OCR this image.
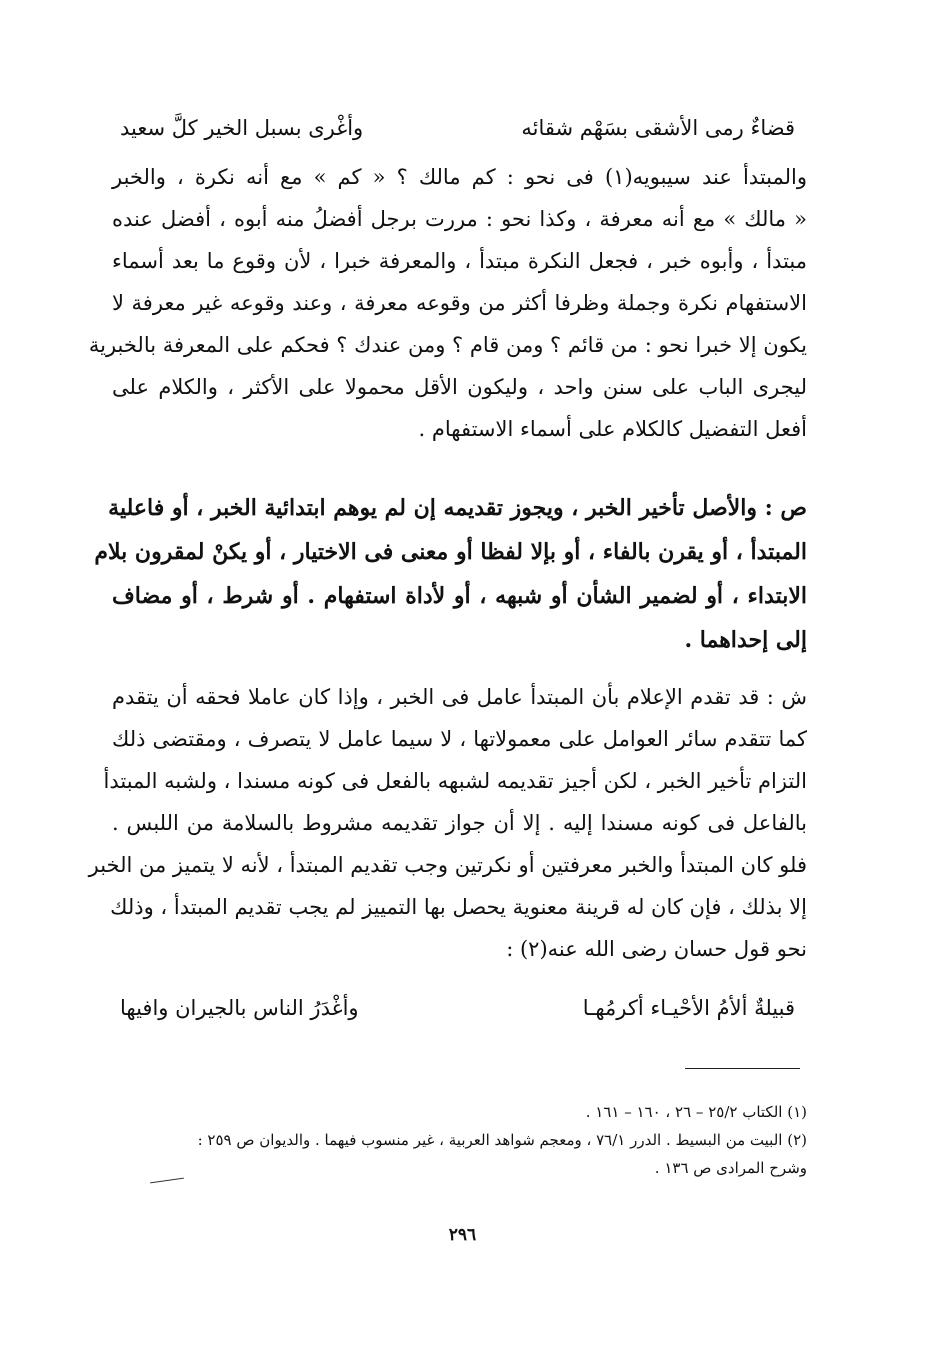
قضاءٌ رمى الأشقى بسَهْم شقائه
وأغْرى بسبل الخير كلَّ سعيد
والمبتدأ عند سيبويه(١) فى نحو : كم مالك ؟ « كم » مع أنه نكرة ، والخبر
« مالك » مع أنه معرفة ، وكذا نحو : مررت برجل أفضلُ منه أبوه ، أفضل عنده
مبتدأ ، وأبوه خبر ، فجعل النكرة مبتدأ ، والمعرفة خبرا ، لأن وقوع ما بعد أسماء
الاستفهام نكرة وجملة وظرفا أكثر من وقوعه معرفة ، وعند وقوعه غير معرفة لا
يكون إلا خبرا نحو : من قائم ؟ ومن قام ؟ ومن عندك ؟ فحكم على المعرفة بالخبرية
ليجرى الباب على سنن واحد ، وليكون الأقل محمولا على الأكثر ، والكلام على
أفعل التفضيل كالكلام على أسماء الاستفهام .
ص : والأصل تأخير الخبر ، ويجوز تقديمه إن لم يوهم ابتدائية الخبر ، أو فاعلية
المبتدأ ، أو يقرن بالفاء ، أو بإلا لفظا أو معنى فى الاختيار ، أو يكنْ لمقرون بلام
الابتداء ، أو لضمير الشأن أو شبهه ، أو لأداة استفهام . أو شرط ، أو مضاف
إلى إحداهما .
ش : قد تقدم الإعلام بأن المبتدأ عامل فى الخبر ، وإذا كان عاملا فحقه أن يتقدم
كما تتقدم سائر العوامل على معمولاتها ، لا سيما عامل لا يتصرف ، ومقتضى ذلك
التزام تأخير الخبر ، لكن أجيز تقديمه لشبهه بالفعل فى كونه مسندا ، ولشبه المبتدأ
بالفاعل فى كونه مسندا إليه . إلا أن جواز تقديمه مشروط بالسلامة من اللبس .
فلو كان المبتدأ والخبر معرفتين أو نكرتين وجب تقديم المبتدأ ، لأنه لا يتميز من الخبر
إلا بذلك ، فإن كان له قرينة معنوية يحصل بها التمييز لم يجب تقديم المبتدأ ، وذلك
نحو قول حسان رضى الله عنه(٢) :
قبيلةٌ ألأمُ الأحْيـاء أكرمُهـا
وأغْدَرُ الناس بالجيران وافيها
(١) الكتاب ٢٥/٢ – ٢٦ ، ١٦٠ – ١٦١ .
(٢) البيت من البسيط . الدرر ٧٦/١ ، ومعجم شواهد العربية ، غير منسوب فيهما . والديوان ص ٢٥٩ :
وشرح المرادى ص ١٣٦ .
٢٩٦
